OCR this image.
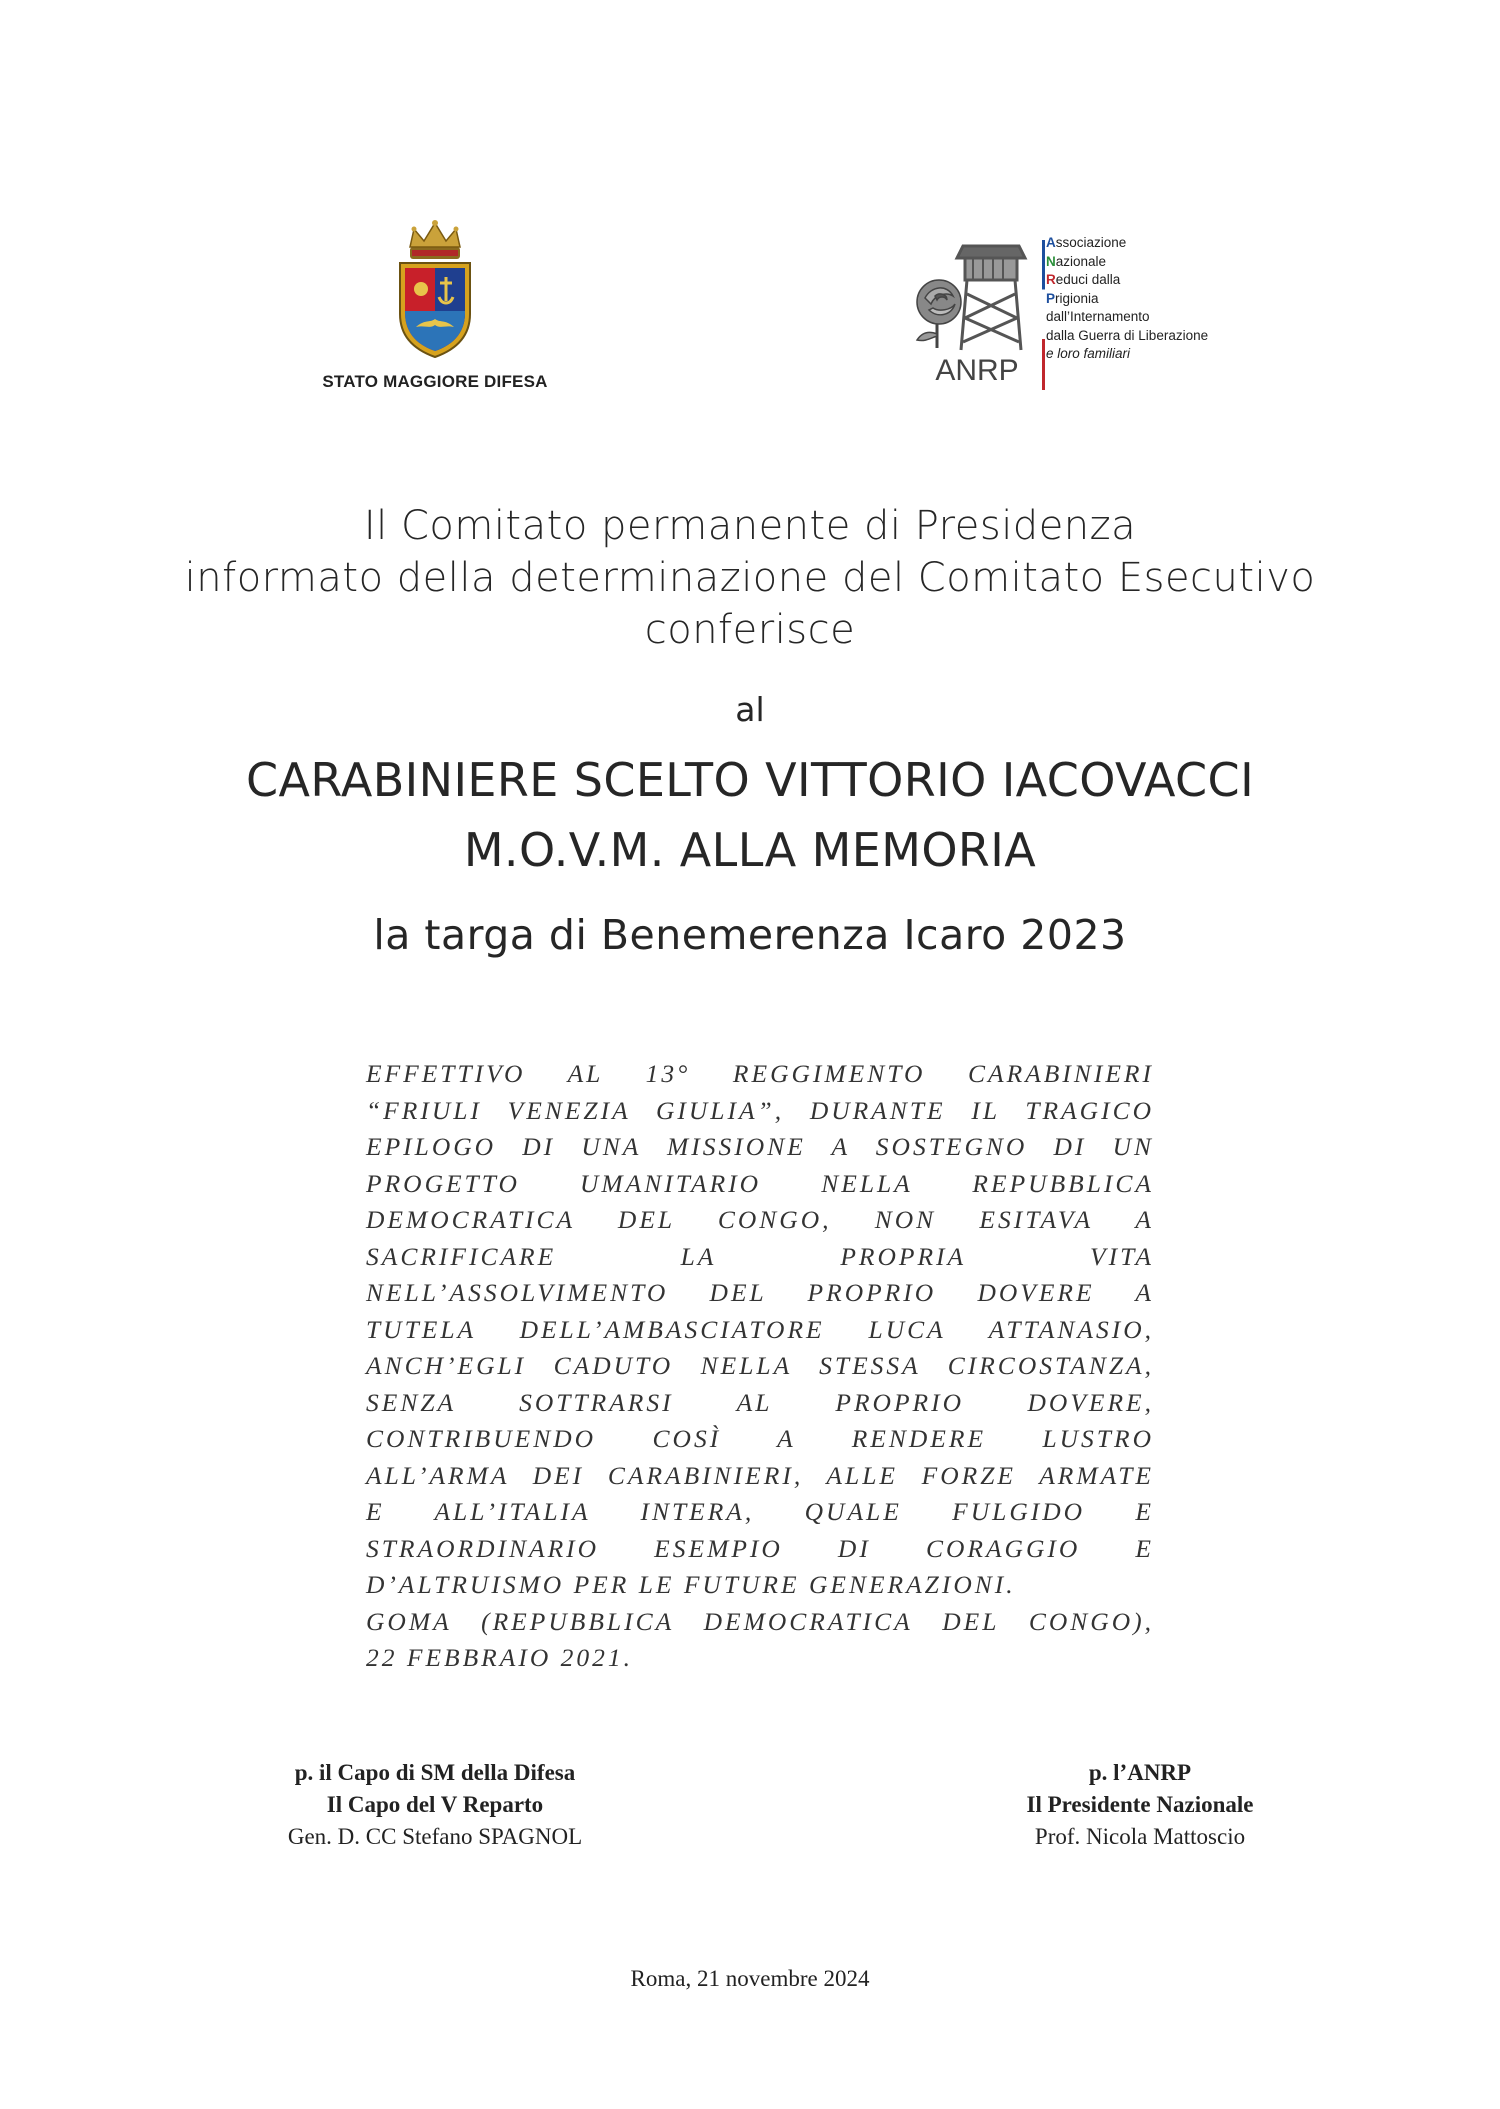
STATO MAGGIORE DIFESA	ANRP
Associazione
Nazionale
Reduci dalla
Prigionia
dall’Internamento
dalla Guerra di Liberazione
e loro familiari
Il Comitato permanente di Presidenza
informato della determinazione del Comitato Esecutivo
conferisce
al
CARABINIERE SCELTO VITTORIO IACOVACCI
M.O.V.M. ALLA MEMORIA
la targa di Benemerenza Icaro 2023
EFFETTIVO AL 13° REGGIMENTO CARABINIERI
“FRIULI VENEZIA GIULIA”, DURANTE IL TRAGICO
EPILOGO DI UNA MISSIONE A SOSTEGNO DI UN
PROGETTO UMANITARIO NELLA REPUBBLICA
DEMOCRATICA DEL CONGO, NON ESITAVA A
SACRIFICARE LA PROPRIA VITA
NELL’ASSOLVIMENTO DEL PROPRIO DOVERE A
TUTELA DELL’AMBASCIATORE LUCA ATTANASIO,
ANCH’EGLI CADUTO NELLA STESSA CIRCOSTANZA,
SENZA SOTTRARSI AL PROPRIO DOVERE,
CONTRIBUENDO COSÌ A RENDERE LUSTRO
ALL’ARMA DEI CARABINIERI, ALLE FORZE ARMATE
E ALL’ITALIA INTERA, QUALE FULGIDO E
STRAORDINARIO ESEMPIO DI CORAGGIO E
D’ALTRUISMO PER LE FUTURE GENERAZIONI.
GOMA (REPUBBLICA DEMOCRATICA DEL CONGO),
22 FEBBRAIO 2021.
p. il Capo di SM della Difesa
Il Capo del V Reparto
Gen. D. CC Stefano SPAGNOL
p. l’ANRP
Il Presidente Nazionale
Prof. Nicola Mattoscio
Roma, 21 novembre 2024
